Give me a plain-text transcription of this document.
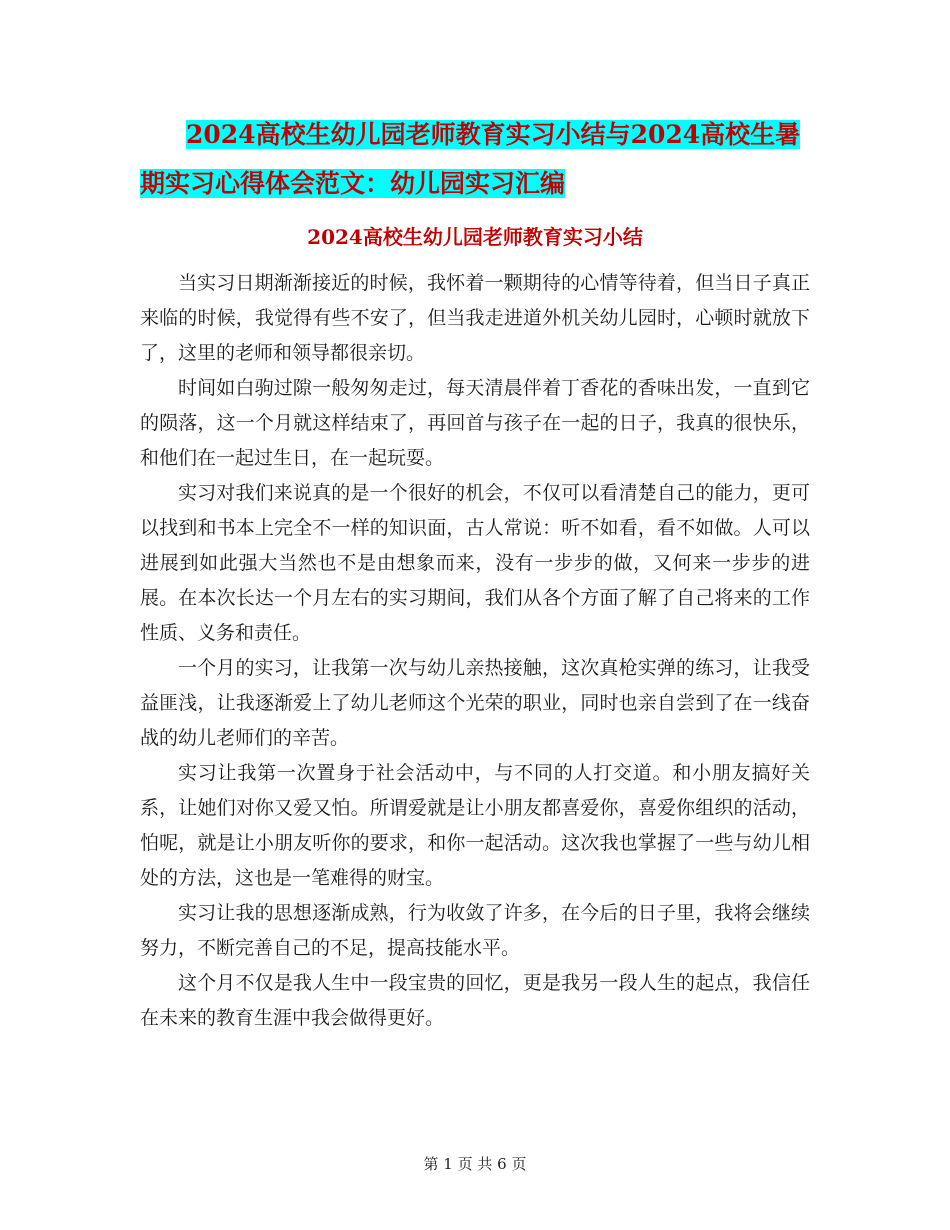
2024高校生幼儿园老师教育实习小结与2024高校生暑
期实习心得体会范文：幼儿园实习汇编
2024高校生幼儿园老师教育实习小结

当实习日期渐渐接近的时候，我怀着一颗期待的心情等待着，但当日子真正来临的时候，我觉得有些不安了，但当我走进道外机关幼儿园时，心顿时就放下了，这里的老师和领导都很亲切。

时间如白驹过隙一般匆匆走过，每天清晨伴着丁香花的香味出发，一直到它的陨落，这一个月就这样结束了，再回首与孩子在一起的日子，我真的很快乐，和他们在一起过生日，在一起玩耍。

实习对我们来说真的是一个很好的机会，不仅可以看清楚自己的能力，更可以找到和书本上完全不一样的知识面，古人常说：听不如看，看不如做。人可以进展到如此强大当然也不是由想象而来，没有一步步的做，又何来一步步的进展。在本次长达一个月左右的实习期间，我们从各个方面了解了自己将来的工作性质、义务和责任。

一个月的实习，让我第一次与幼儿亲热接触，这次真枪实弹的练习，让我受益匪浅，让我逐渐爱上了幼儿老师这个光荣的职业，同时也亲自尝到了在一线奋战的幼儿老师们的辛苦。

实习让我第一次置身于社会活动中，与不同的人打交道。和小朋友搞好关系，让她们对你又爱又怕。所谓爱就是让小朋友都喜爱你，喜爱你组织的活动，怕呢，就是让小朋友听你的要求，和你一起活动。这次我也掌握了一些与幼儿相处的方法，这也是一笔难得的财宝。

实习让我的思想逐渐成熟，行为收敛了许多，在今后的日子里，我将会继续努力，不断完善自己的不足，提高技能水平。

这个月不仅是我人生中一段宝贵的回忆，更是我另一段人生的起点，我信任在未来的教育生涯中我会做得更好。

第 1 页 共 6 页
